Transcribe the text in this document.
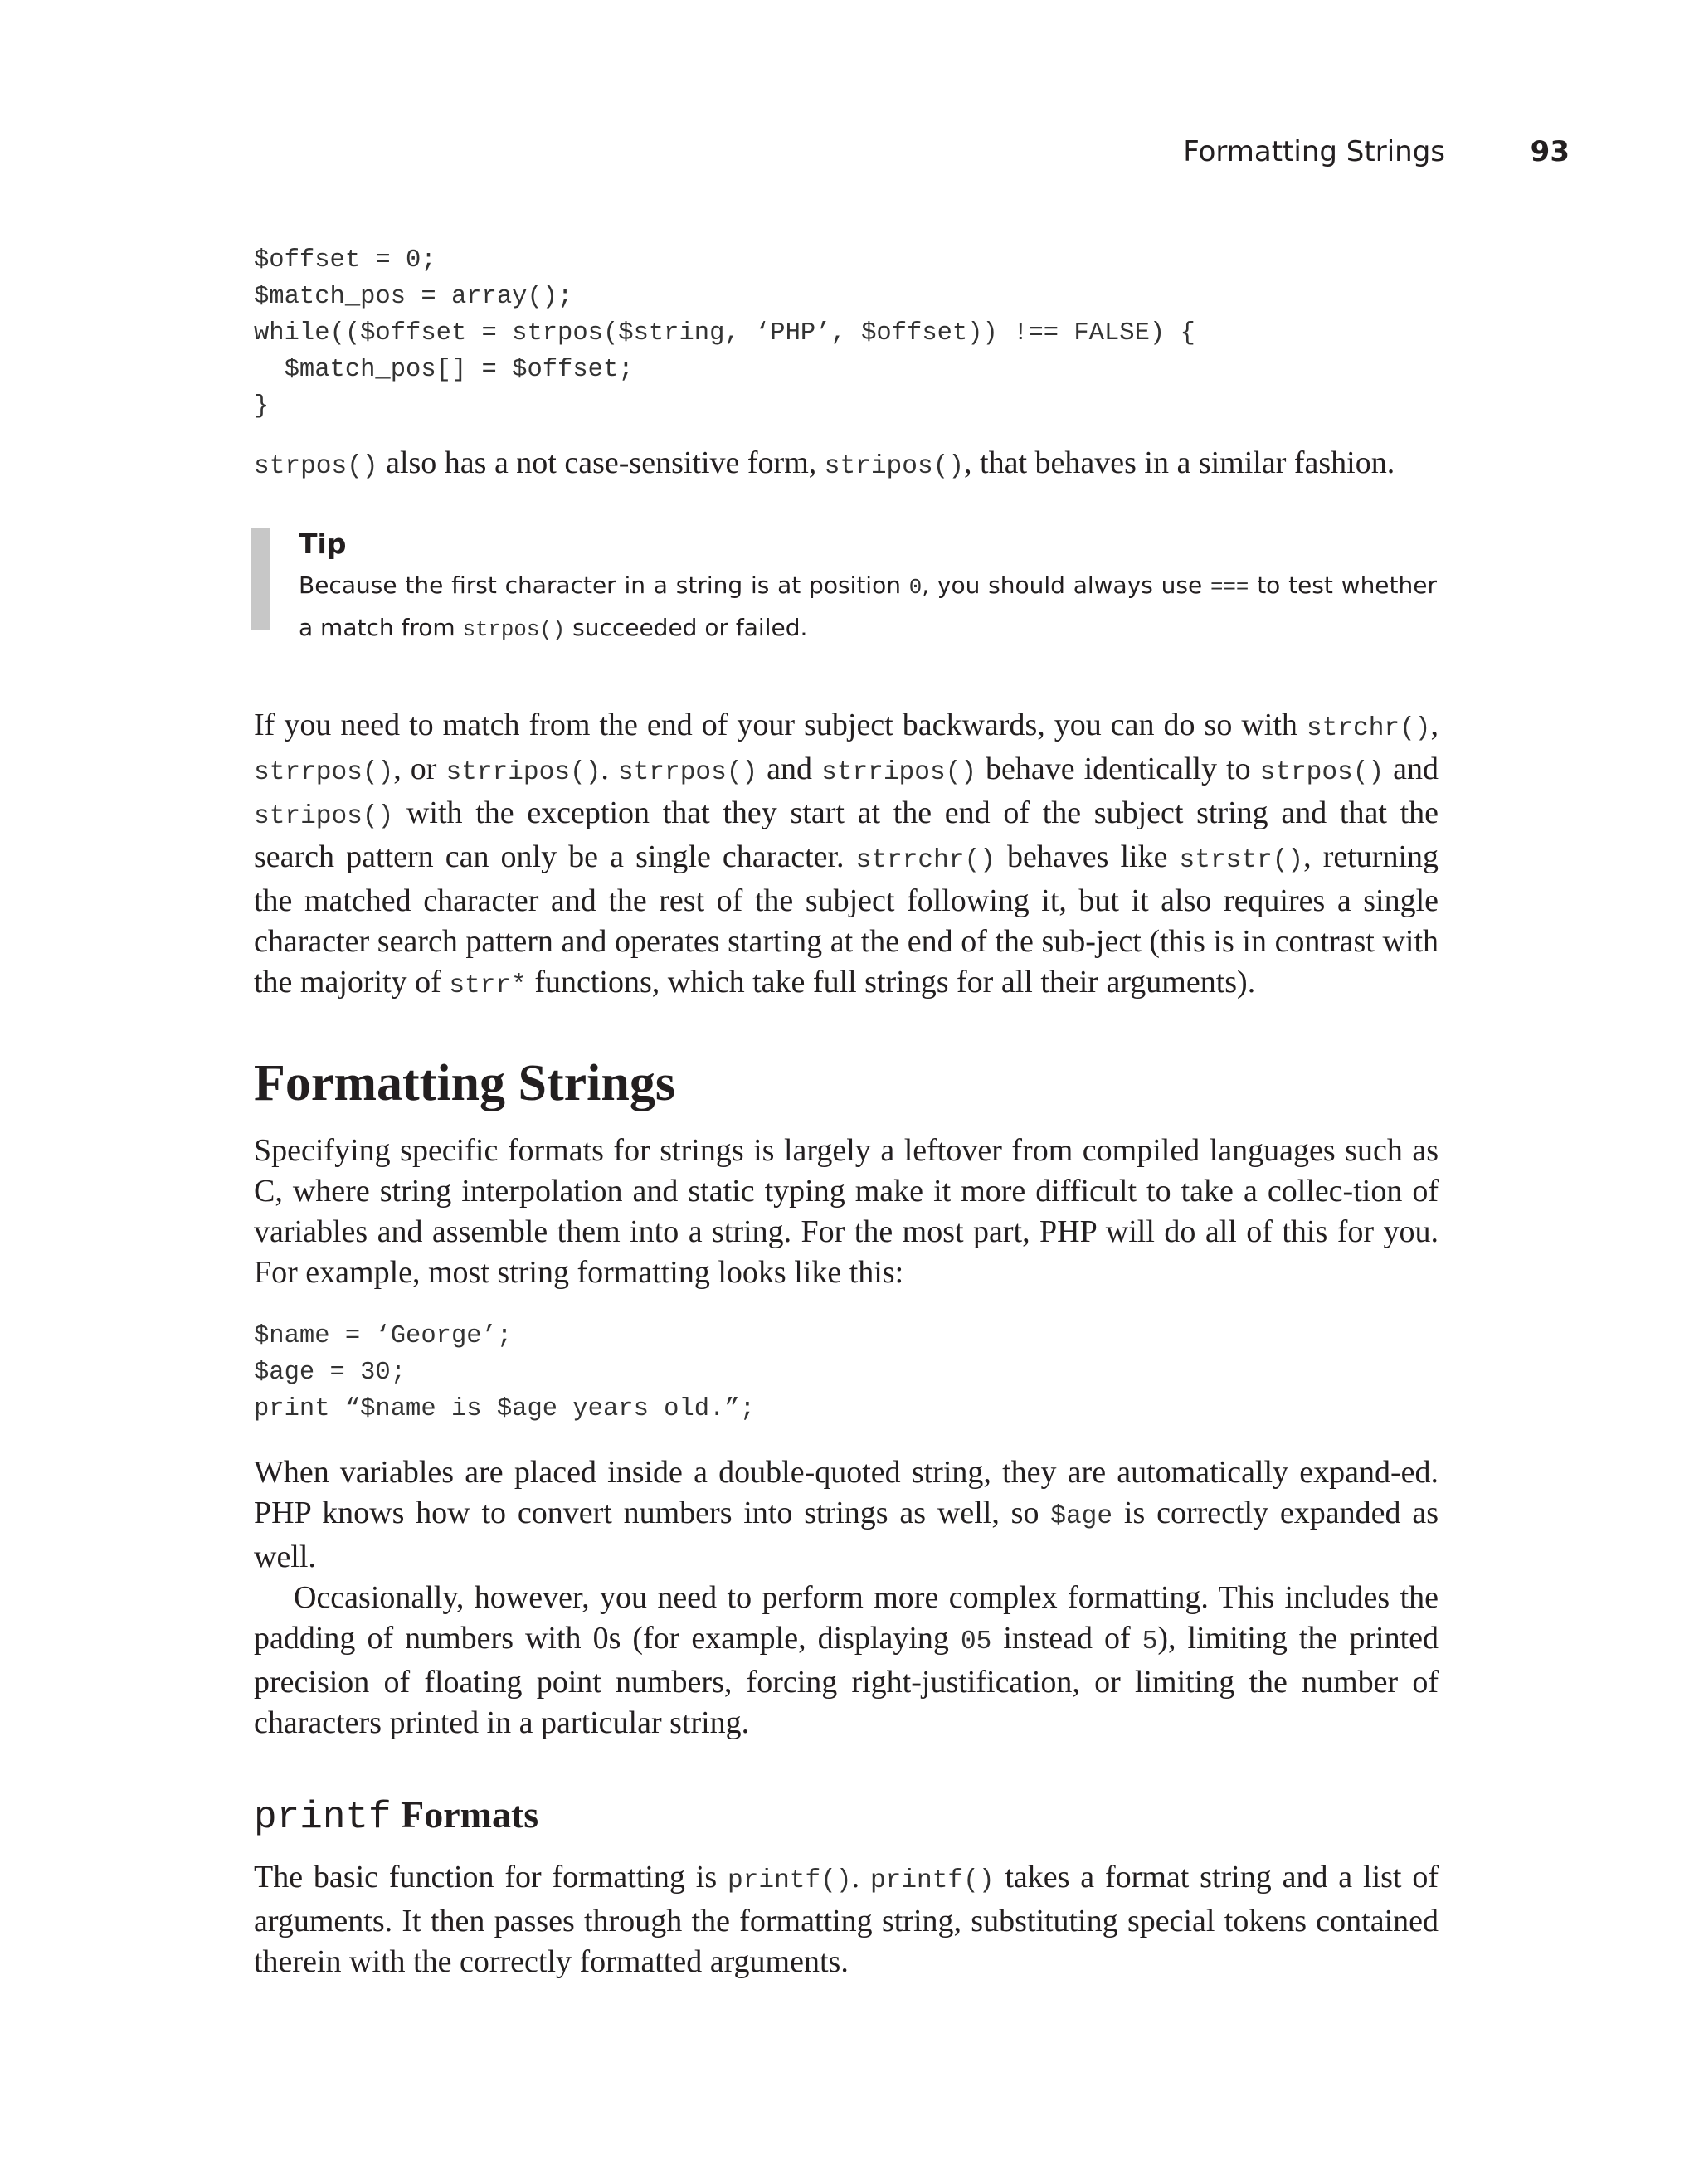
Formatting Strings	93
$offset = 0;
$match_pos = array();
while(($offset = strpos($string, ‘PHP’, $offset)) !== FALSE) {
$match_pos[] = $offset;
}

strpos() also has a not case-sensitive form, stripos(), that behaves in a similar fashion.

Tip
Because the first character in a string is at position 0, you should always use === to test whether a match from strpos() succeeded or failed.

If you need to match from the end of your subject backwards, you can do so with strchr(), strrpos(), or strripos(). strrpos() and strripos() behave identically to strpos() and stripos() with the exception that they start at the end of the subject string and that the search pattern can only be a single character. strrchr() behaves like strstr(), returning the matched character and the rest of the subject following it, but it also requires a single character search pattern and operates starting at the end of the sub-ject (this is in contrast with the majority of strr* functions, which take full strings for all their arguments).

Formatting Strings

Specifying specific formats for strings is largely a leftover from compiled languages such as C, where string interpolation and static typing make it more difficult to take a collec-tion of variables and assemble them into a string. For the most part, PHP will do all of this for you. For example, most string formatting looks like this:

$name = ‘George’;
$age = 30;
print “$name is $age years old.”;

When variables are placed inside a double-quoted string, they are automatically expand-ed. PHP knows how to convert numbers into strings as well, so $age is correctly expanded as well.

Occasionally, however, you need to perform more complex formatting. This includes the padding of numbers with 0s (for example, displaying 05 instead of 5), limiting the printed precision of floating point numbers, forcing right-justification, or limiting the number of characters printed in a particular string.

printf Formats

The basic function for formatting is printf(). printf() takes a format string and a list of arguments. It then passes through the formatting string, substituting special tokens contained therein with the correctly formatted arguments.
